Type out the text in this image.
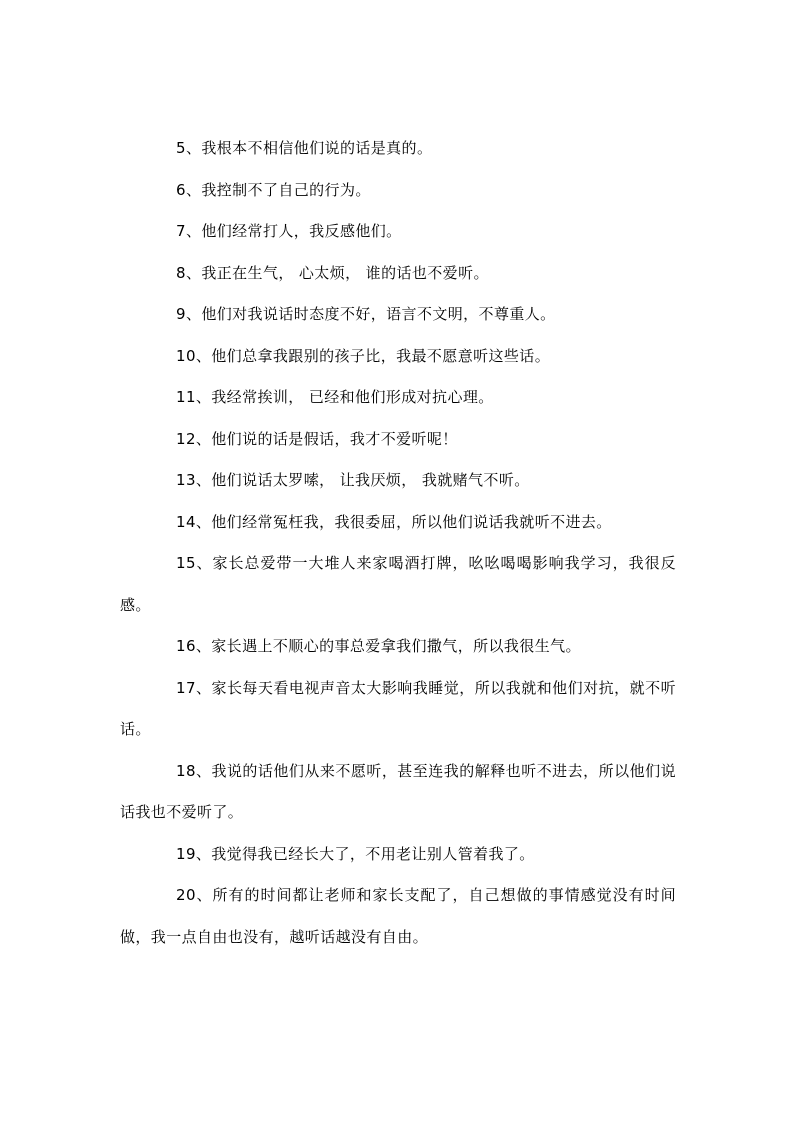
5、我根本不相信他们说的话是真的。

6、我控制不了自己的行为。

7、他们经常打人，我反感他们。

8、我正在生气， 心太烦， 谁的话也不爱听。

9、他们对我说话时态度不好，语言不文明，不尊重人。

10、他们总拿我跟别的孩子比，我最不愿意听这些话。

11、我经常挨训， 已经和他们形成对抗心理。

12、他们说的话是假话，我才不爱听呢！

13、他们说话太罗嗦， 让我厌烦， 我就赌气不听。

14、他们经常冤枉我，我很委屈，所以他们说话我就听不进去。

15、家长总爱带一大堆人来家喝酒打牌，吆吆喝喝影响我学习，我很反感。

16、家长遇上不顺心的事总爱拿我们撒气，所以我很生气。

17、家长每天看电视声音太大影响我睡觉，所以我就和他们对抗，就不听话。

18、我说的话他们从来不愿听，甚至连我的解释也听不进去，所以他们说话我也不爱听了。

19、我觉得我已经长大了，不用老让别人管着我了。

20、所有的时间都让老师和家长支配了，自己想做的事情感觉没有时间做，我一点自由也没有，越听话越没有自由。
